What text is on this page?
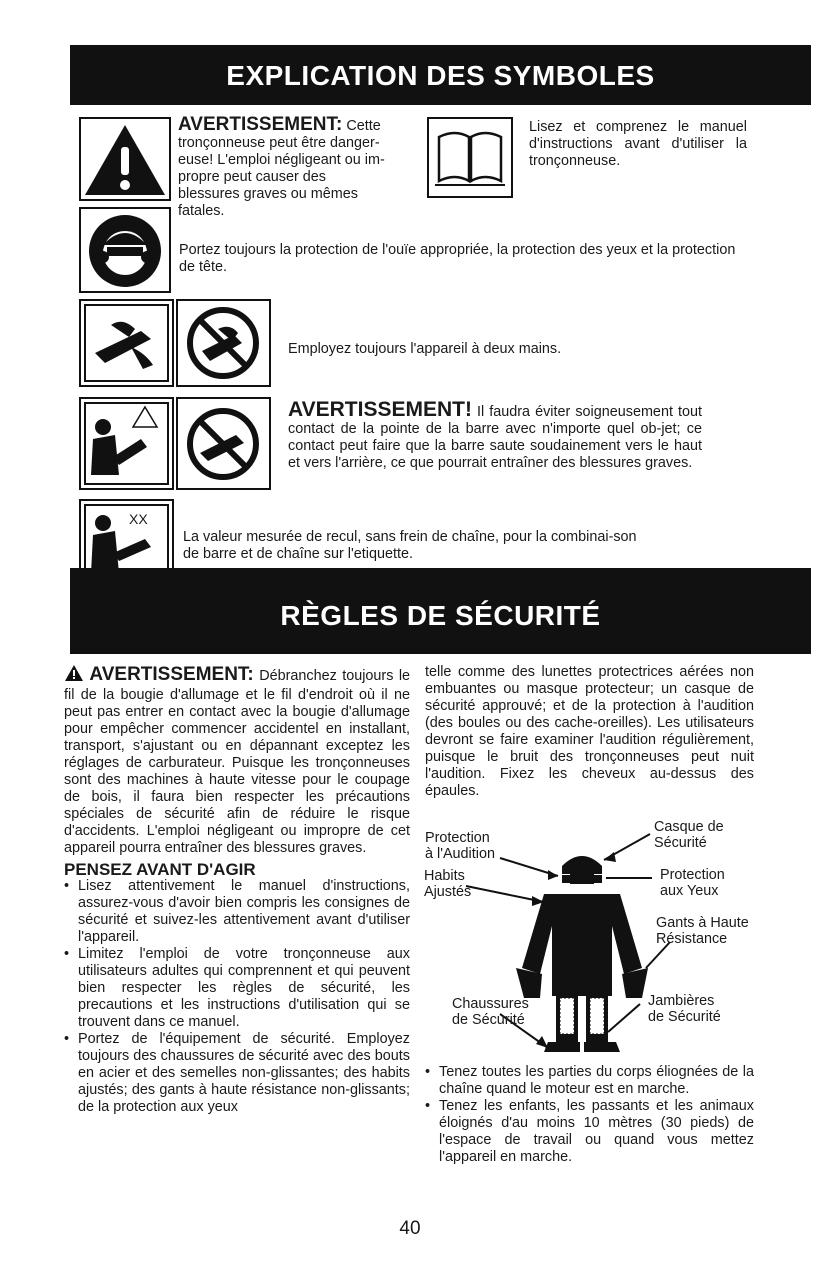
EXPLICATION DES SYMBOLES
AVERTISSEMENT: Cette
tronçonneuse peut être danger-euse! L'emploi négligeant ou im-propre peut causer des blessures graves ou mêmes fatales.
Lisez et comprenez le manuel d'instructions avant d'utiliser la tronçonneuse.
Portez toujours la protection de l'ouïe appropriée, la protection des yeux et la protection de tête.
Employez toujours l'appareil à deux mains.
AVERTISSEMENT! Il faudra éviter soigneusement tout contact de la pointe de la barre avec n'importe quel ob-jet; ce contact peut faire que la barre saute soudainement vers le haut et vers l'arrière, ce que pourrait entraîner des blessures graves.
XX
La valeur mesurée de recul, sans frein de chaîne, pour la combinai-son de barre et de chaîne sur l'etiquette.
RÈGLES DE SÉCURITÉ
AVERTISSEMENT: Débranchez toujours le fil de la bougie d'allumage et le fil d'endroit où il ne peut pas entrer en contact avec la bougie d'allumage pour empêcher commencer accidentel en installant, transport, s'ajustant ou en dépannant exceptez les réglages de carburateur. Puisque les tronçonneuses sont des machines à haute vitesse pour le coupage de bois, il faura bien respecter les précautions spéciales de sécurité afin de réduire le risque d'accidents. L'emploi négligeant ou impropre de cet appareil pourra entraîner des blessures graves.
PENSEZ AVANT D'AGIR
• Lisez attentivement le manuel d'instructions, assurez-vous d'avoir bien compris les consignes de sécurité et suivez-les attentivement avant d'utiliser l'appareil.
• Limitez l'emploi de votre tronçonneuse aux utilisateurs adultes qui comprennent et qui peuvent bien respecter les règles de sécurité, les precautions et les instructions d'utilisation qui se trouvent dans ce manuel.
• Portez de l'équipement de sécurité. Employez toujours des chaussures de sécurité avec des bouts en acier et des semelles non-glissantes; des habits ajustés; des gants à haute résistance non-glissants; de la protection aux yeux
telle comme des lunettes protectrices aérées non embuantes ou masque protecteur; un casque de sécurité approuvé; et de la protection à l'audition (des boules ou des cache-oreilles). Les utilisateurs devront se faire examiner l'audition régulièrement, puisque le bruit des tronçonneuses peut nuit l'audition. Fixez les cheveux au-dessus des épaules.
Protection
à l'Audition
Casque de
Sécurité
Protection
aux Yeux
Habits
Ajustés
Gants à Haute
Résistance
Chaussures
de Sécurité
Jambières
de Sécurité
• Tenez toutes les parties du corps éliognées de la chaîne quand le moteur est en marche.
• Tenez les enfants, les passants et les animaux éloignés d'au moins 10 mètres (30 pieds) de l'espace de travail ou quand vous mettez l'appareil en marche.
40
